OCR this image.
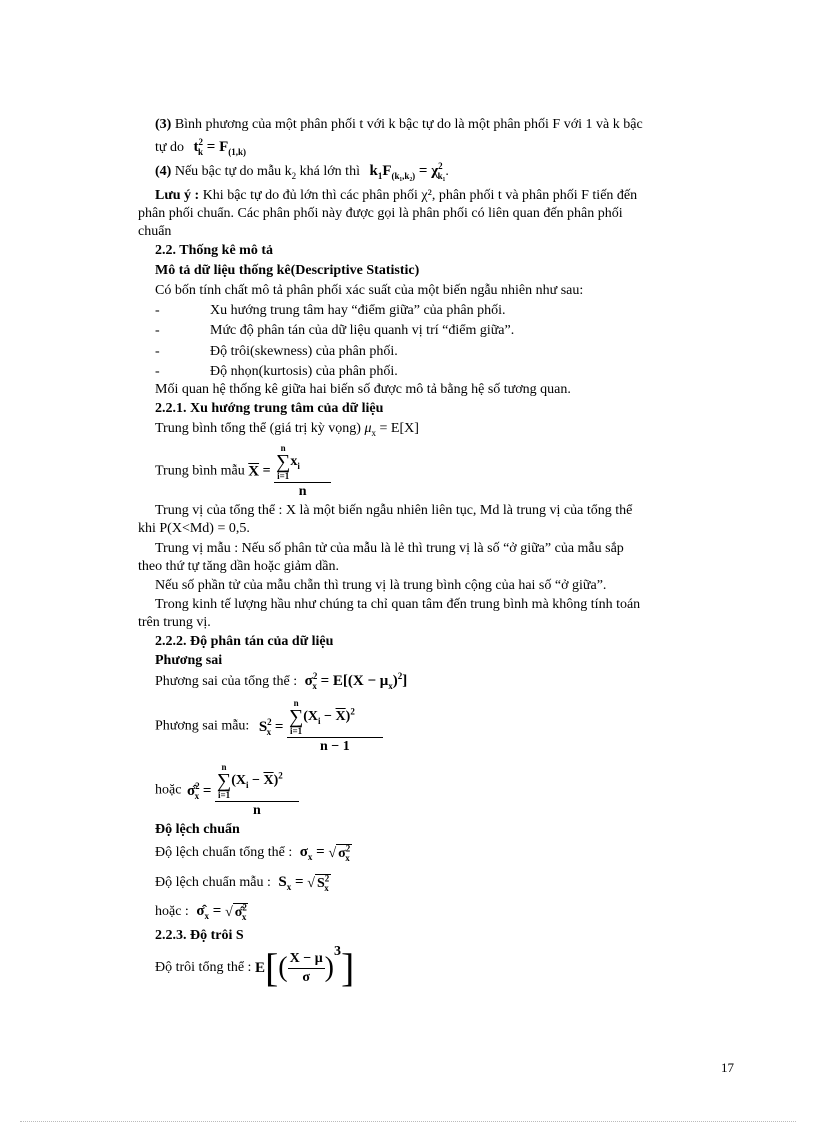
(3) Bình phương của một phân phối t với k bậc tự do là một phân phối F với 1 và k bậc
tự do $t^2_k = F_{(1,k)}$
(4) Nếu bậc tự do mẫu $k_2$ khá lớn thì $k_1F_{(k_1,k_2)} = \chi^2_{k_1}$.
Lưu ý : Khi bậc tự do đủ lớn thì các phân phối χ², phân phối t và phân phối F tiến đến
phân phối chuẩn. Các phân phối này được gọi là phân phối có liên quan đến phân phối
chuẩn
2.2. Thống kê mô tả
Mô tả dữ liệu thống kê(Descriptive Statistic)
Có bốn tính chất mô tả phân phối xác suất của một biến ngẫu nhiên như sau:
-	Xu hướng trung tâm hay “điểm giữa” của phân phối.
-	Mức độ phân tán của dữ liệu quanh vị trí “điểm giữa”.
-	Độ trôi(skewness) của phân phối.
-	Độ nhọn(kurtosis) của phân phối.
Mối quan hệ thống kê giữa hai biến số được mô tả bằng hệ số tương quan.
2.2.1. Xu hướng trung tâm của dữ liệu
Trung bình tổng thể (giá trị kỳ vọng) $\mu_x = E[X]$
Trung bình mẫu $\overline{X} = n$
∑
$i=1x_i$
n
Trung vị của tổng thể : X là một biến ngẫu nhiên liên tục, Md là trung vị của tổng thể
khi P(X<Md) = 0,5.
Trung vị mẫu : Nếu số phân tử của mẫu là lẻ thì trung vị là số “ở giữa” của mẫu sắp
theo thứ tự tăng dần hoặc giảm dần.
Nếu số phần tử của mẫu chẵn thì trung vị là trung bình cộng của hai số “ở giữa”.
Trong kinh tế lượng hầu như chúng ta chỉ quan tâm đến trung bình mà không tính toán
trên trung vị.
2.2.2. Độ phân tán của dữ liệu
Phương sai
Phương sai của tổng thể : $\sigma^2_x = E[(X - \mu_x)^2]$
Phương sai mẫu: $S^2_x = n$
∑
$i=1(X_i - \overline{X})^2$
n − 1
hoặc σ̂$^2_x$ = n
∑
$i=1(X_i - \overline{X})^2$
n
Độ lệch chuẩn
Độ lệch chuẩn tổng thể : $\sigma_x$ = √ $\sigma^2_x$
Độ lệch chuẩn mẫu : $S_x$ = √ $S^2_x$
hoặc : $\sigmâ_x$ = √ σ̂$^2_x$
2.2.3. Độ trôi S
Độ trôi tổng thể : $E[( \frac{X - \mu}{\sigma} )^3]$
17
